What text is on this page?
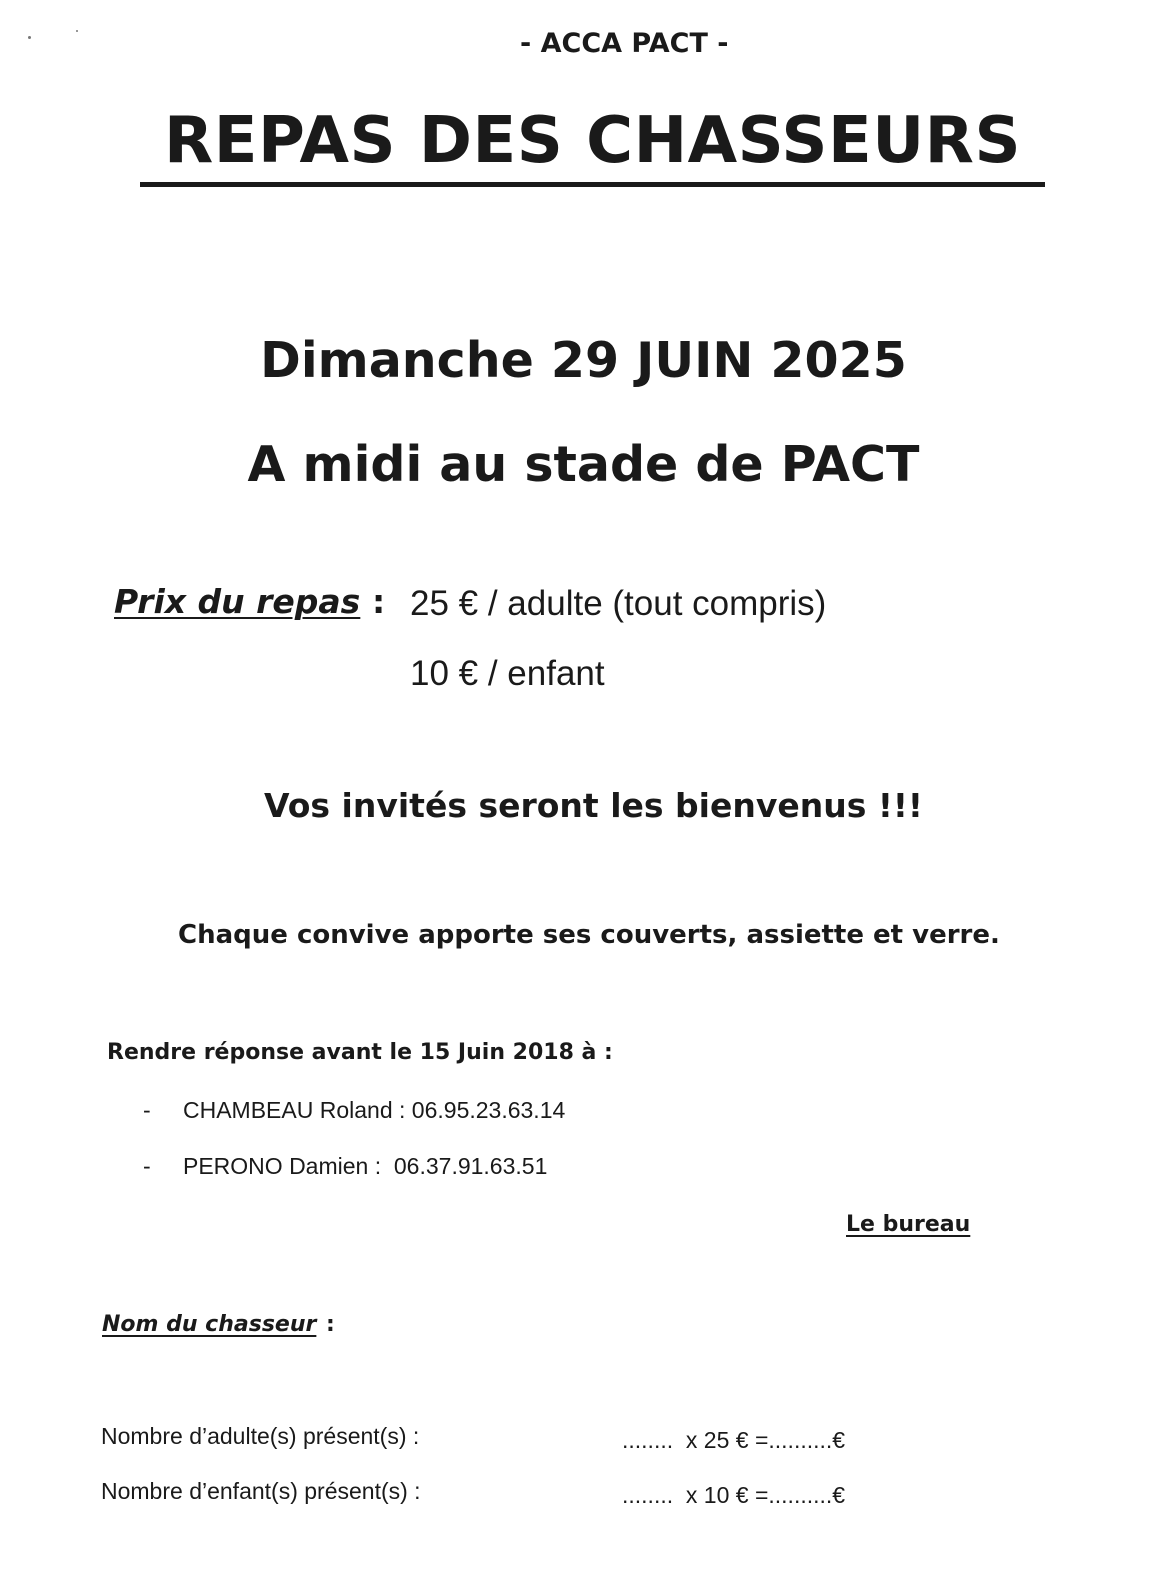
- ACCA PACT -
REPAS DES CHASSEURS
Dimanche 29 JUIN 2025
A midi au stade de PACT
Prix du repas : 25 € / adulte (tout compris)
10 € / enfant
Vos invités seront les bienvenus !!!
Chaque convive apporte ses couverts, assiette et verre.
Rendre réponse avant le 15 Juin 2018 à :
- CHAMBEAU Roland : 06.95.23.63.14
- PERONO Damien :  06.37.91.63.51
Le bureau
Nom du chasseur :
Nombre d’adulte(s) présent(s) :	........  x 25 € =..........€
Nombre d’enfant(s) présent(s) :	........  x 10 € =..........€
